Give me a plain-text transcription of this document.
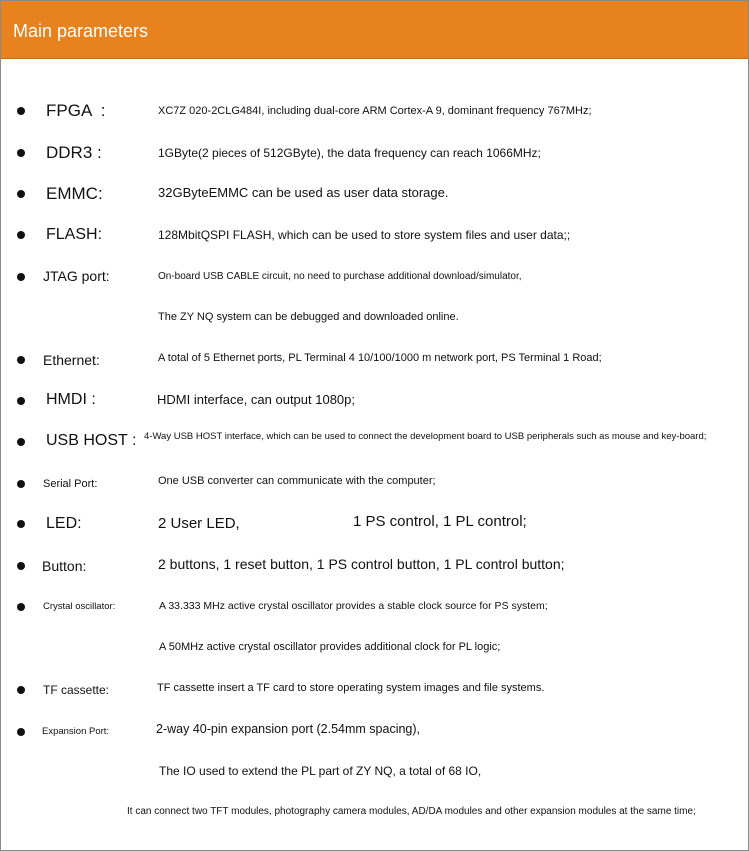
Main parameters
FPGA  :	XC7Z 020-2CLG484I, including dual-core ARM Cortex-A 9, dominant frequency 767MHz;
DDR3 :	1GByte(2 pieces of 512GByte), the data frequency can reach 1066MHz;
EMMC:	32GByteEMMC can be used as user data storage.
FLASH:	128MbitQSPI FLASH, which can be used to store system files and user data;;
JTAG port:	On-board USB CABLE circuit, no need to purchase additional download/simulator,
The ZY NQ system can be debugged and downloaded online.
Ethernet:	A total of 5 Ethernet ports, PL Terminal 4 10/100/1000 m network port, PS Terminal 1 Road;
HMDI :	HDMI interface, can output 1080p;
USB HOST : 4-Way USB HOST interface, which can be used to connect the development board to USB peripherals such as mouse and key-board;
Serial Port:	One USB converter can communicate with the computer;
LED:	2 User LED,	1 PS control, 1 PL control;
Button:	2 buttons, 1 reset button, 1 PS control button, 1 PL control button;
Crystal oscillator:	A 33.333 MHz active crystal oscillator provides a stable clock source for PS system;
A 50MHz active crystal oscillator provides additional clock for PL logic;
TF cassette:	TF cassette insert a TF card to store operating system images and file systems.
Expansion Port:	2-way 40-pin expansion port (2.54mm spacing),
The IO used to extend the PL part of ZY NQ, a total of 68 IO,
It can connect two TFT modules, photography camera modules, AD/DA modules and other expansion modules at the same time;
